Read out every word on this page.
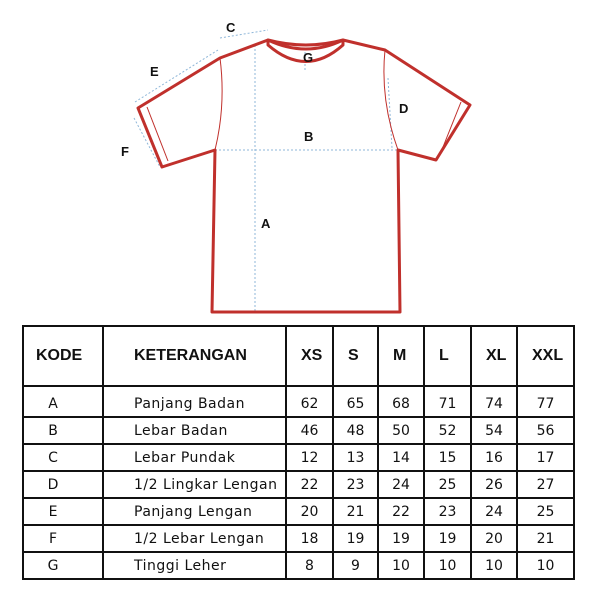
A
B
C
D
E
F
G
KODE	KETERANGAN	XS	S	M	L	XL	XXL
A	Panjang Badan	62	65	68	71	74	77
B	Lebar Badan	46	48	50	52	54	56
C	Lebar Pundak	12	13	14	15	16	17
D	1/2 Lingkar Lengan	22	23	24	25	26	27
E	Panjang Lengan	20	21	22	23	24	25
F	1/2 Lebar Lengan	18	19	19	19	20	21
G	Tinggi Leher	8	9	10	10	10	10
